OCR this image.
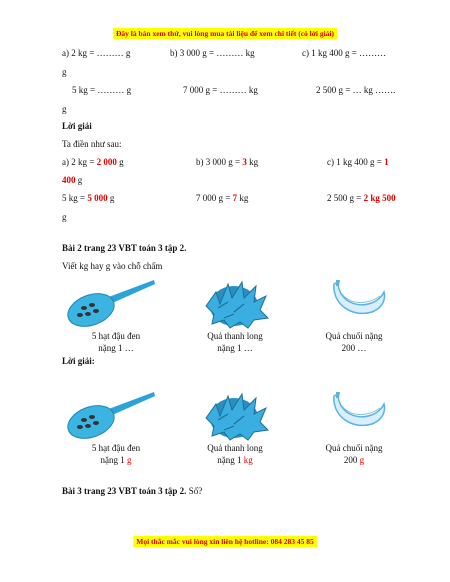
Đây là bản xem thử, vui lòng mua tài liệu để xem chi tiết (có lời giải)
a) 2 kg = ……… g	b) 3 000 g = ……… kg	c) 1 kg 400 g = ………
g
5 kg = ……… g	7 000 g = ……… kg	2 500 g = … kg …….
g
Lời giải
Ta điền như sau:
a) 2 kg = 2 000 g	b) 3 000 g = 3 kg	c) 1 kg 400 g = 1
400 g
5 kg = 5 000 g	7 000 g = 7 kg	2 500 g = 2 kg 500
g
Bài 2 trang 23 VBT toán 3 tập 2.
Viết kg hay g vào chỗ chấm
5 hạt đậu đen
nặng 1 …
Quả thanh long
nặng 1 …
Quả chuối nặng
200 …
Lời giải:
5 hạt đậu đen
nặng 1 g
Quả thanh long
nặng 1 kg
Quả chuối nặng
200 g
Bài 3 trang 23 VBT toán 3 tập 2. Số?
Mọi thắc mắc vui lòng xin liên hệ hotline: 084 283 45 85
